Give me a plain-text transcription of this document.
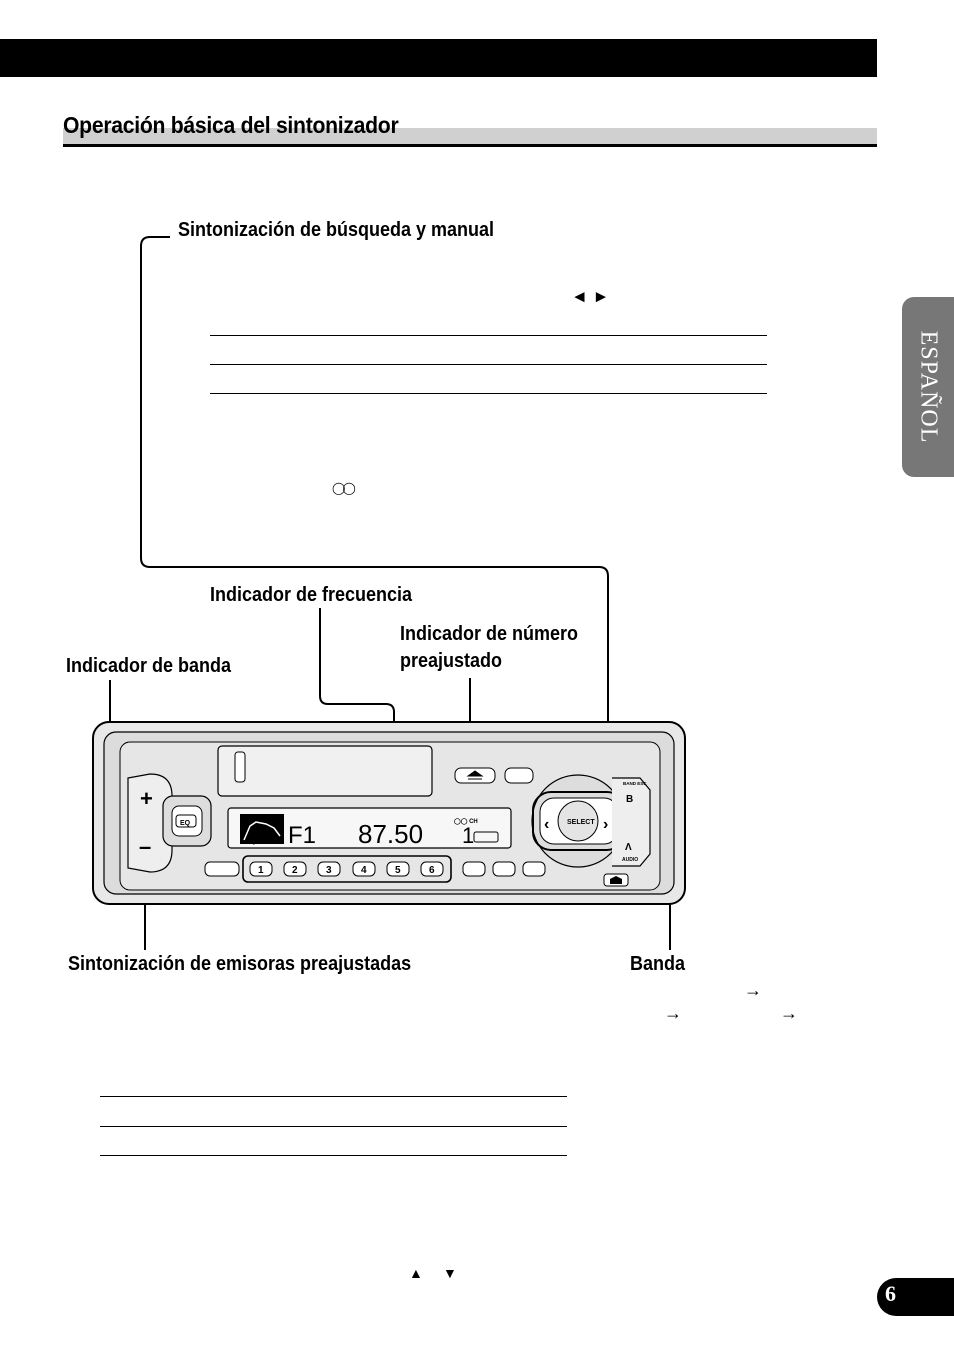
Operación básica del sintonizador
ESPAÑOL
Sintonización de búsqueda y manual
Indicador de frecuencia
Indicador de número
preajustado
Indicador de banda
Sintonización de emisoras preajustadas	Banda
◄ ►
◯◯
▲ ▼
→
→	→
+
–
EQ
EQ CURVE F1 87.50	◯◯ CH
1
1	2	3	4	5	6
SELECT
‹	›
BAND ESC
B
Λ
AUDIO
6
